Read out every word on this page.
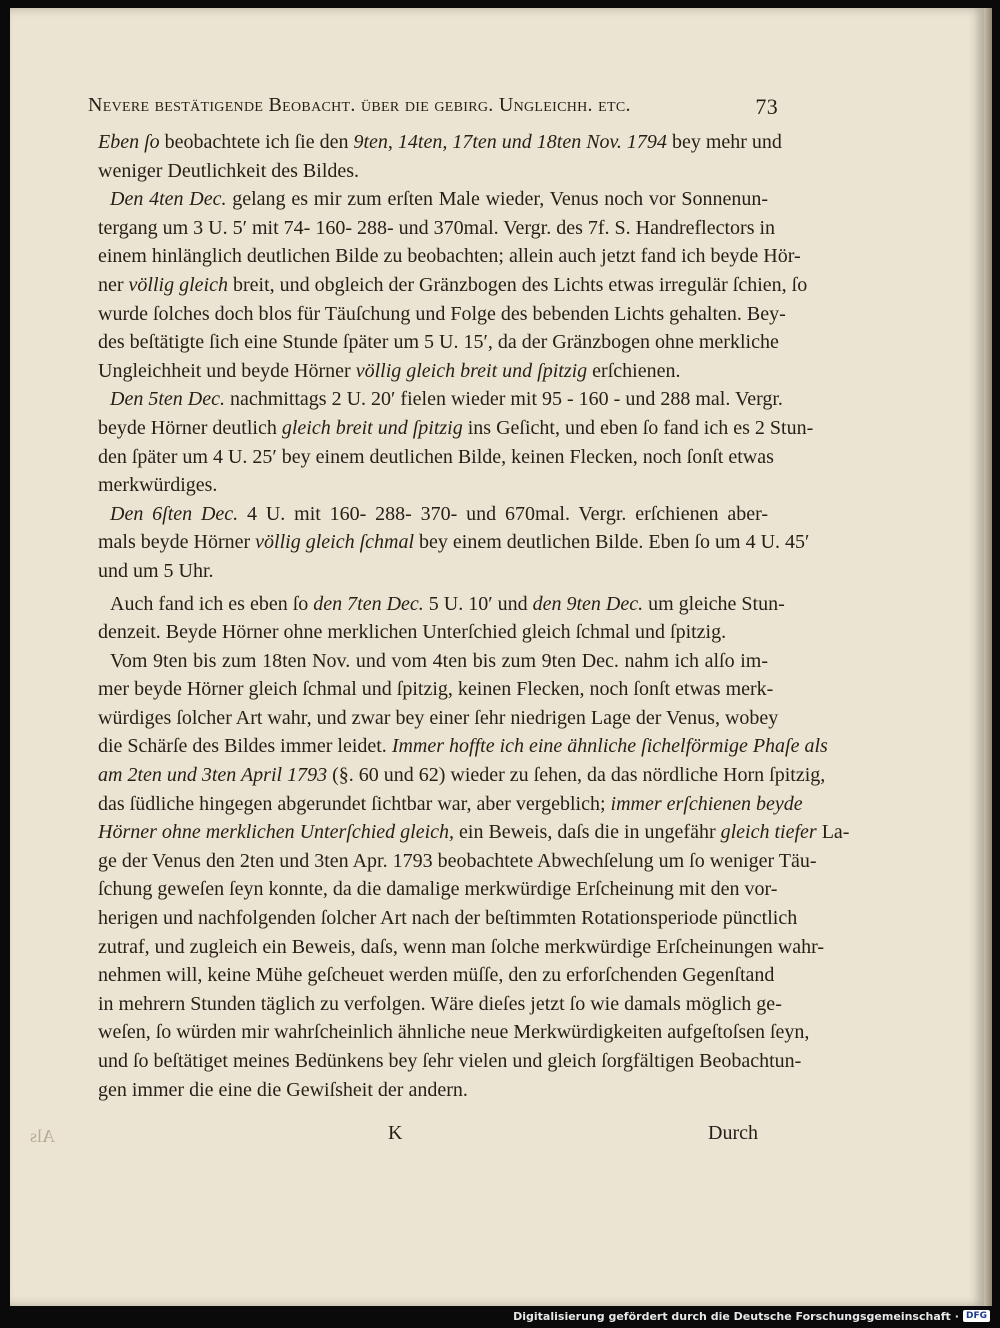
Nevere bestätigende Beobacht. über die gebirg. Ungleichh. etc.	73
Eben ſo beobachtete ich ſie den 9ten, 14ten, 17ten und 18ten Nov. 1794 bey mehr und
weniger Deutlichkeit des Bildes.
Den 4ten Dec. gelang es mir zum erſten Male wieder, Venus noch vor Sonnenun-
tergang um 3 U. 5′ mit 74- 160- 288- und 370mal. Vergr. des 7f. S. Handreflectors in
einem hinlänglich deutlichen Bilde zu beobachten; allein auch jetzt fand ich beyde Hör-
ner völlig gleich breit, und obgleich der Gränzbogen des Lichts etwas irregulär ſchien, ſo
wurde ſolches doch blos für Täuſchung und Folge des bebenden Lichts gehalten. Bey-
des beſtätigte ſich eine Stunde ſpäter um 5 U. 15′, da der Gränzbogen ohne merkliche
Ungleichheit und beyde Hörner völlig gleich breit und ſpitzig erſchienen.
Den 5ten Dec. nachmittags 2 U. 20′ fielen wieder mit 95 - 160 - und 288 mal. Vergr.
beyde Hörner deutlich gleich breit und ſpitzig ins Geſicht, und eben ſo fand ich es 2 Stun-
den ſpäter um 4 U. 25′ bey einem deutlichen Bilde, keinen Flecken, noch ſonſt etwas
merkwürdiges.
Den 6ſten Dec. 4 U. mit 160- 288- 370- und 670mal. Vergr. erſchienen aber-
mals beyde Hörner völlig gleich ſchmal bey einem deutlichen Bilde. Eben ſo um 4 U. 45′
und um 5 Uhr.
Auch fand ich es eben ſo den 7ten Dec. 5 U. 10′ und den 9ten Dec. um gleiche Stun-
denzeit. Beyde Hörner ohne merklichen Unterſchied gleich ſchmal und ſpitzig.
Vom 9ten bis zum 18ten Nov. und vom 4ten bis zum 9ten Dec. nahm ich alſo im-
mer beyde Hörner gleich ſchmal und ſpitzig, keinen Flecken, noch ſonſt etwas merk-
würdiges ſolcher Art wahr, und zwar bey einer ſehr niedrigen Lage der Venus, wobey
die Schärſe des Bildes immer leidet. Immer hoffte ich eine ähnliche ſichelförmige Phaſe als
am 2ten und 3ten April 1793 (§. 60 und 62) wieder zu ſehen, da das nördliche Horn ſpitzig,
das ſüdliche hingegen abgerundet ſichtbar war, aber vergeblich; immer erſchienen beyde
Hörner ohne merklichen Unterſchied gleich, ein Beweis, daſs die in ungefähr gleich tiefer La-
ge der Venus den 2ten und 3ten Apr. 1793 beobachtete Abwechſelung um ſo weniger Täu-
ſchung geweſen ſeyn konnte, da die damalige merkwürdige Erſcheinung mit den vor-
herigen und nachfolgenden ſolcher Art nach der beſtimmten Rotationsperiode pünctlich
zutraf, und zugleich ein Beweis, daſs, wenn man ſolche merkwürdige Erſcheinungen wahr-
nehmen will, keine Mühe geſcheuet werden müſſe, den zu erforſchenden Gegenſtand
in mehrern Stunden täglich zu verfolgen. Wäre dieſes jetzt ſo wie damals möglich ge-
weſen, ſo würden mir wahrſcheinlich ähnliche neue Merkwürdigkeiten aufgeſtoſsen ſeyn,
und ſo beſtätiget meines Bedünkens bey ſehr vielen und gleich ſorgfältigen Beobachtun-
gen immer die eine die Gewiſsheit der andern.
Als	K	Durch
Digitalisierung gefördert durch die Deutsche Forschungsgemeinschaft · DFG
